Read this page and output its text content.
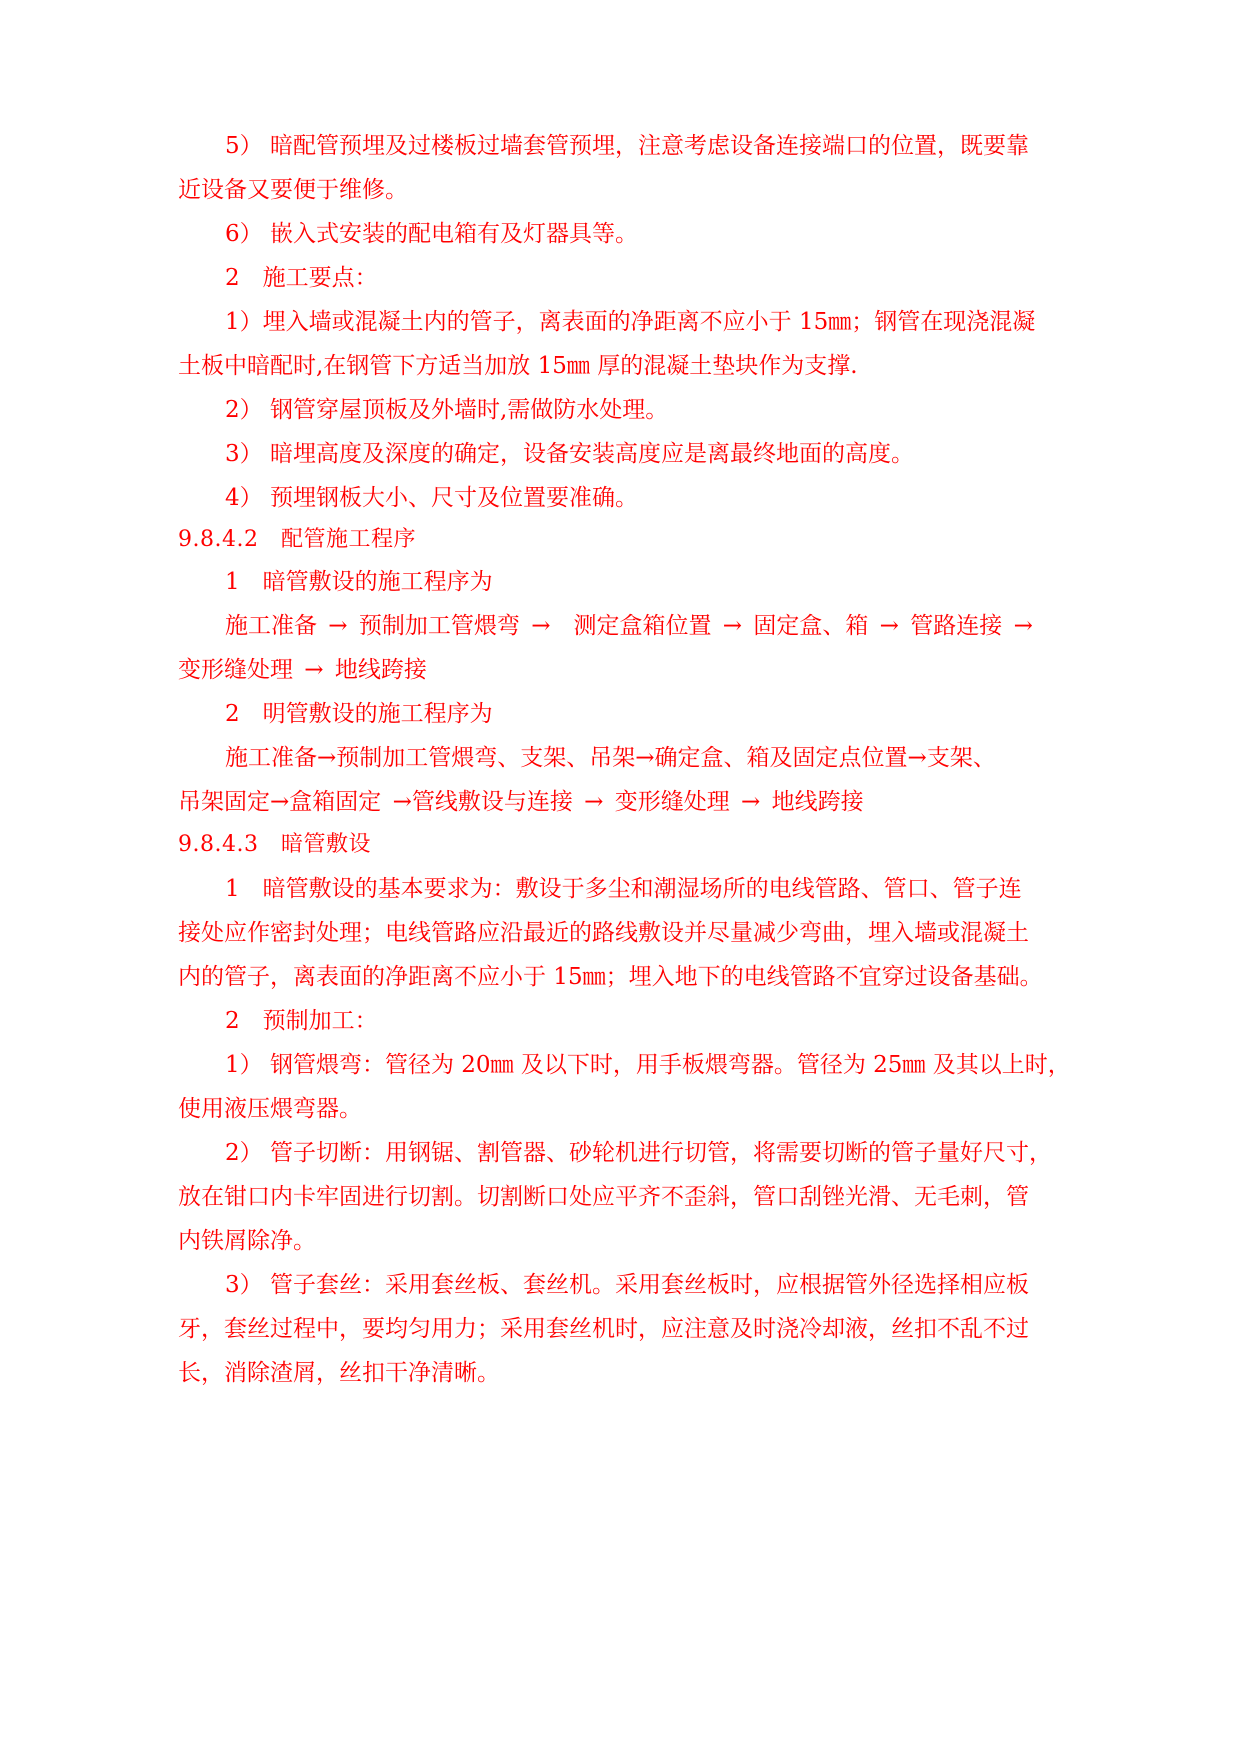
5） 暗配管预埋及过楼板过墙套管预埋，注意考虑设备连接端口的位置，既要靠
近设备又要便于维修。
6） 嵌入式安装的配电箱有及灯器具等。
2　施工要点：
1）埋入墙或混凝土内的管子，离表面的净距离不应小于 15㎜；钢管在现浇混凝
土板中暗配时,在钢管下方适当加放 15㎜ 厚的混凝土垫块作为支撑.
2） 钢管穿屋顶板及外墙时,需做防水处理。
3） 暗埋高度及深度的确定，设备安装高度应是离最终地面的高度。
4） 预埋钢板大小、尺寸及位置要准确。
9.8.4.2　配管施工程序
1　暗管敷设的施工程序为
施工准备 → 预制加工管煨弯 →　测定盒箱位置 → 固定盒、箱 → 管路连接 →
变形缝处理 → 地线跨接
2　明管敷设的施工程序为
施工准备→预制加工管煨弯、支架、吊架→确定盒、箱及固定点位置→支架、
吊架固定→盒箱固定 →管线敷设与连接 → 变形缝处理 → 地线跨接
9.8.4.3　暗管敷设
1　暗管敷设的基本要求为：敷设于多尘和潮湿场所的电线管路、管口、管子连
接处应作密封处理；电线管路应沿最近的路线敷设并尽量减少弯曲，埋入墙或混凝土
内的管子，离表面的净距离不应小于 15㎜；埋入地下的电线管路不宜穿过设备基础。
2　预制加工：
1） 钢管煨弯：管径为 20㎜ 及以下时，用手板煨弯器。管径为 25㎜ 及其以上时，
使用液压煨弯器。
2） 管子切断：用钢锯、割管器、砂轮机进行切管，将需要切断的管子量好尺寸，
放在钳口内卡牢固进行切割。切割断口处应平齐不歪斜，管口刮锉光滑、无毛刺，管
内铁屑除净。
3） 管子套丝：采用套丝板、套丝机。采用套丝板时，应根据管外径选择相应板
牙，套丝过程中，要均匀用力；采用套丝机时，应注意及时浇冷却液，丝扣不乱不过
长，消除渣屑，丝扣干净清晰。
